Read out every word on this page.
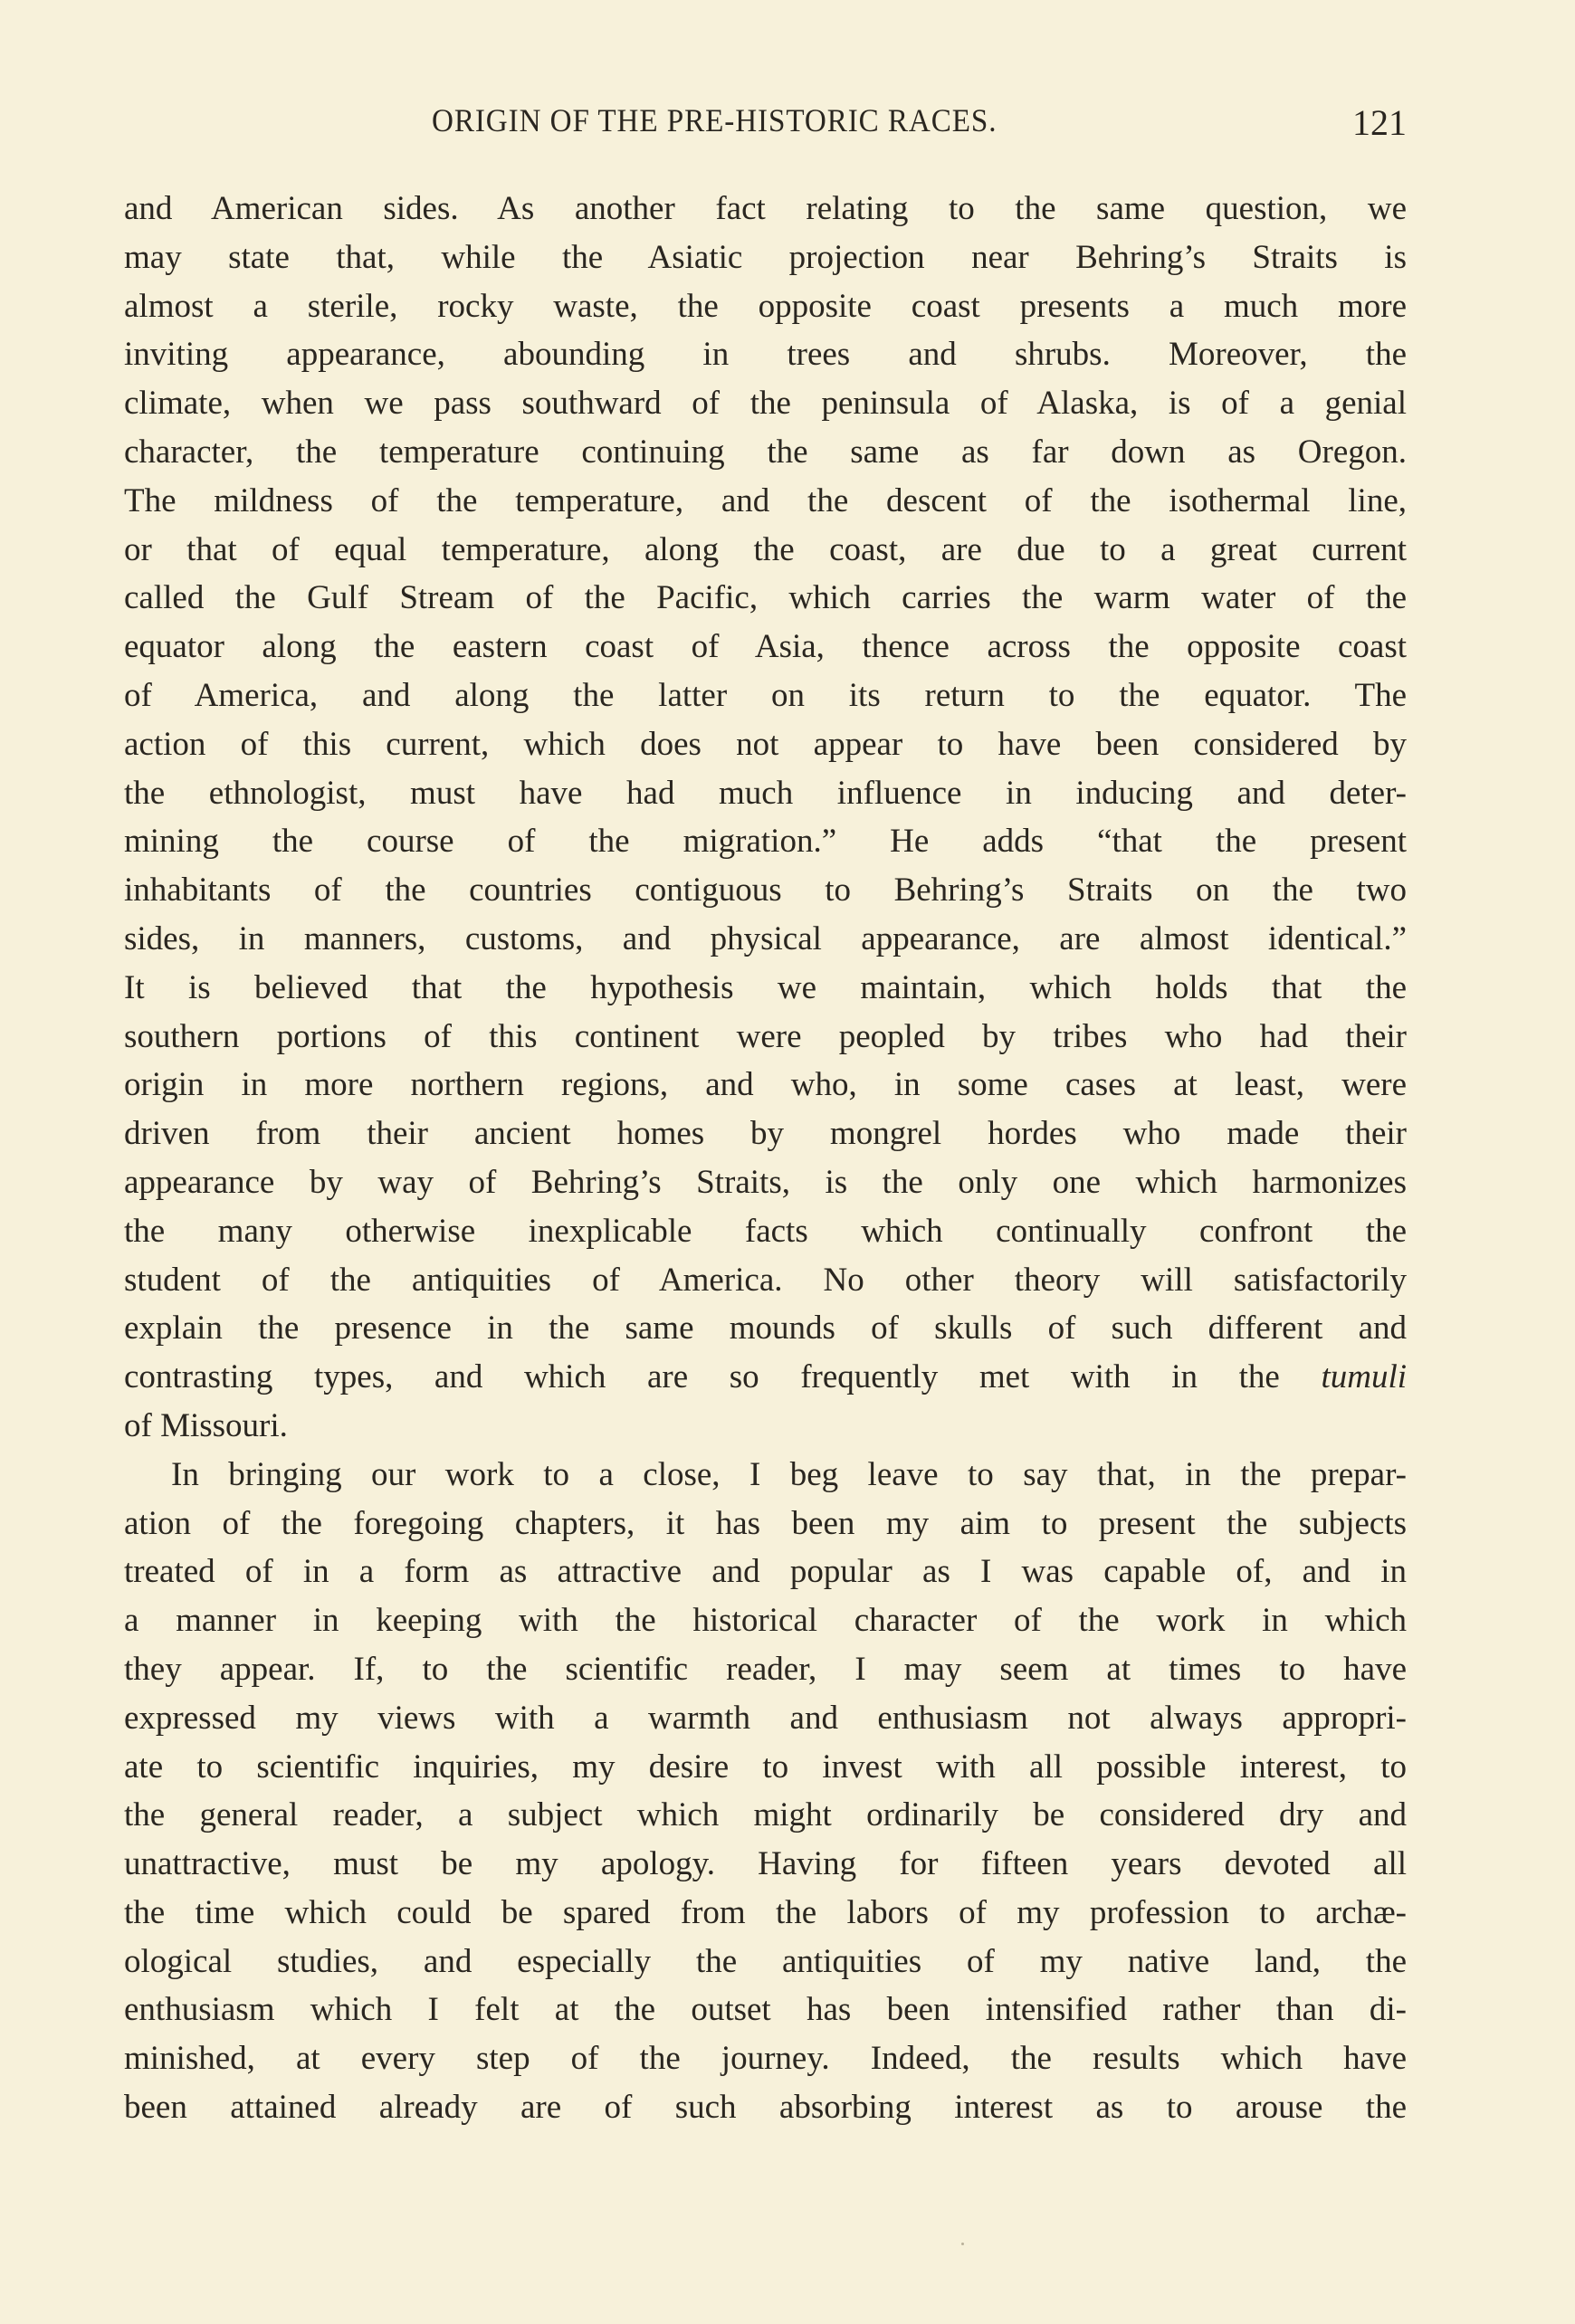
ORIGIN OF THE PRE-HISTORIC RACES.	121
and American sides. As another fact relating to the same question, we
may state that, while the Asiatic projection near Behring’s Straits is
almost a sterile, rocky waste, the opposite coast presents a much more
inviting appearance, abounding in trees and shrubs. Moreover, the
climate, when we pass southward of the peninsula of Alaska, is of a genial
character, the temperature continuing the same as far down as Oregon.
The mildness of the temperature, and the descent of the isothermal line,
or that of equal temperature, along the coast, are due to a great current
called the Gulf Stream of the Pacific, which carries the warm water of the
equator along the eastern coast of Asia, thence across the opposite coast
of America, and along the latter on its return to the equator. The
action of this current, which does not appear to have been considered by
the ethnologist, must have had much influence in inducing and deter-
mining the course of the migration.” He adds “that the present
inhabitants of the countries contiguous to Behring’s Straits on the two
sides, in manners, customs, and physical appearance, are almost identical.”
It is believed that the hypothesis we maintain, which holds that the
southern portions of this continent were peopled by tribes who had their
origin in more northern regions, and who, in some cases at least, were
driven from their ancient homes by mongrel hordes who made their
appearance by way of Behring’s Straits, is the only one which harmonizes
the many otherwise inexplicable facts which continually confront the
student of the antiquities of America. No other theory will satisfactorily
explain the presence in the same mounds of skulls of such different and
contrasting types, and which are so frequently met with in the tumuli
of Missouri.
In bringing our work to a close, I beg leave to say that, in the prepar-
ation of the foregoing chapters, it has been my aim to present the subjects
treated of in a form as attractive and popular as I was capable of, and in
a manner in keeping with the historical character of the work in which
they appear. If, to the scientific reader, I may seem at times to have
expressed my views with a warmth and enthusiasm not always appropri-
ate to scientific inquiries, my desire to invest with all possible interest, to
the general reader, a subject which might ordinarily be considered dry and
unattractive, must be my apology. Having for fifteen years devoted all
the time which could be spared from the labors of my profession to archæ-
ological studies, and especially the antiquities of my native land, the
enthusiasm which I felt at the outset has been intensified rather than di-
minished, at every step of the journey. Indeed, the results which have
been attained already are of such absorbing interest as to arouse the
